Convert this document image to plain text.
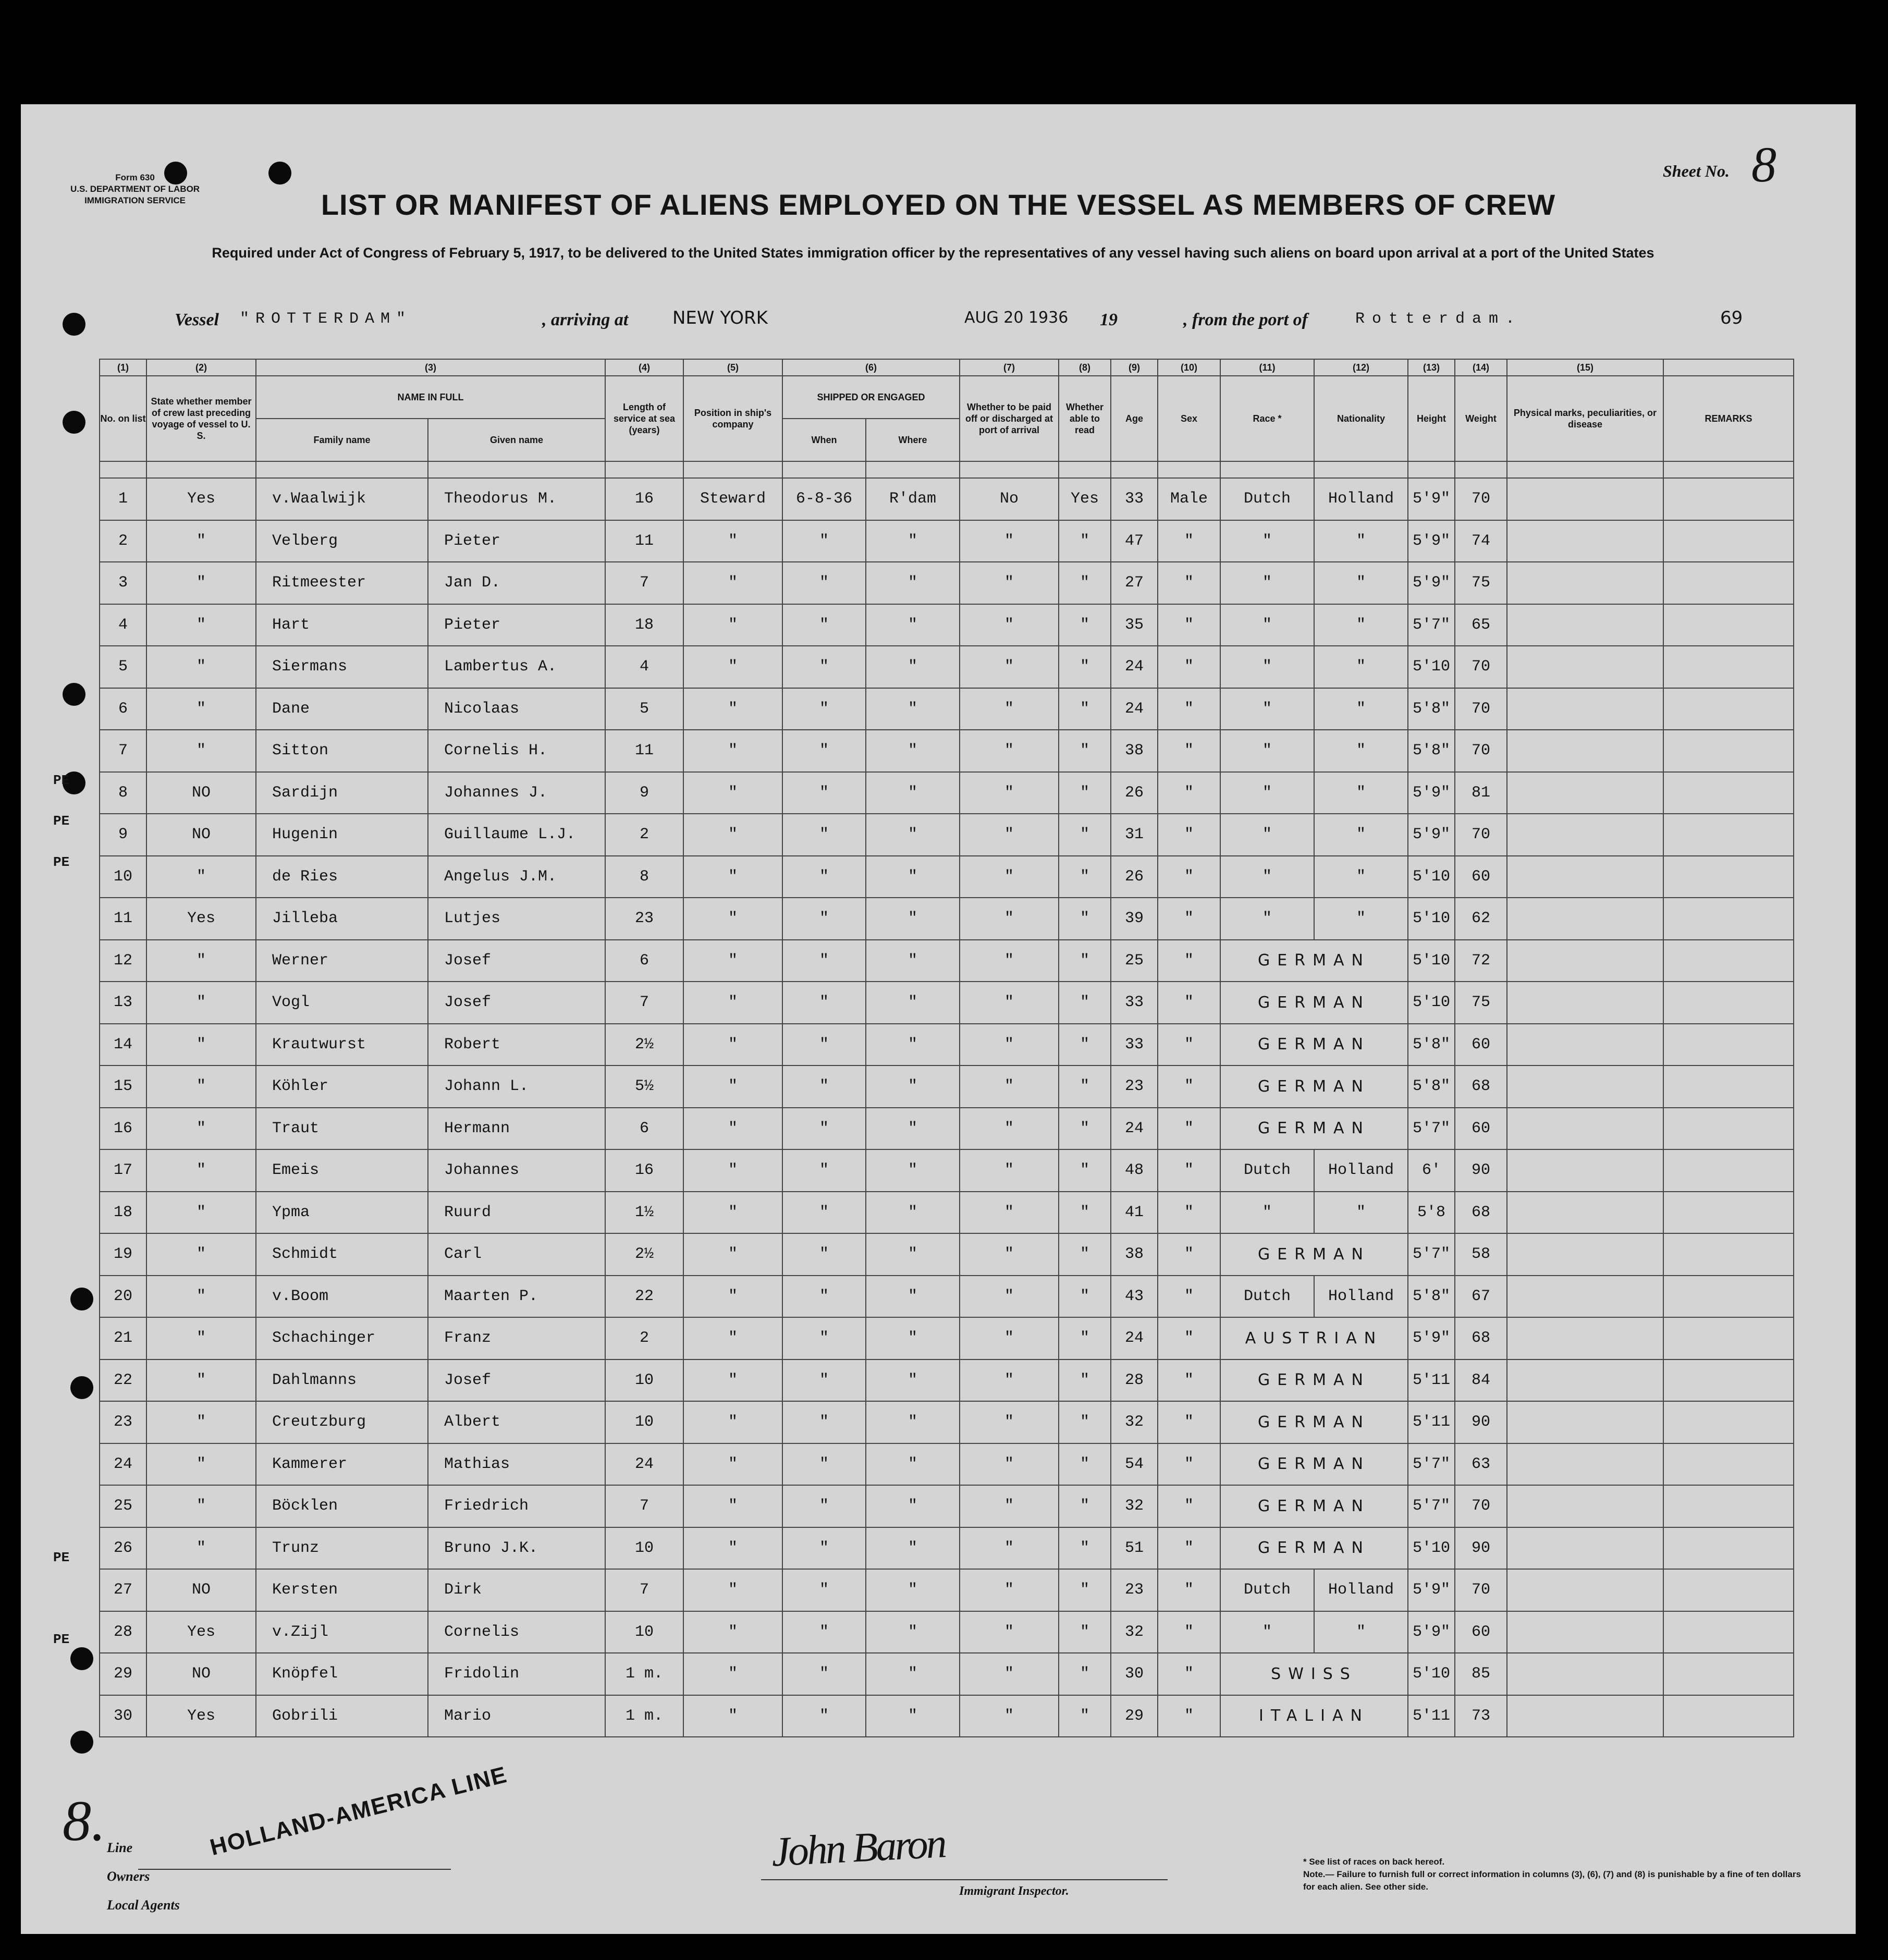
Form 630
U.S. DEPARTMENT OF LABOR
IMMIGRATION SERVICE
Sheet No. 8
LIST OR MANIFEST OF ALIENS EMPLOYED ON THE VESSEL AS MEMBERS OF CREW
Required under Act of Congress of February 5, 1917, to be delivered to the United States immigration officer by the representatives of any vessel having such aliens on board upon arrival at a port of the United States
Vessel "ROTTERDAM"	, arriving at NEW YORK	AUG 20 1936 19	, from the port of	Rotterdam.	69
(1)	(2)	(3)		(4)	(5)	(6)		(7)	(8)	(9)	(10)	(11)	(12)	(13)	(14)	(15)	
No. on list	State whether member of crew last preceding voyage of vessel to U. S.	NAME IN FULL		Length of service at sea (years)	Position in ship's company	SHIPPED OR ENGAGED		Whether to be paid off or discharged at port of arrival	Whether able to read	Age	Sex	Race *	Nationality	Height	Weight	Physical marks, peculiarities, or disease	REMARKS
		Family name	Given name			When	Where										

1	Yes	v.Waalwijk	Theodorus M.	16	Steward	6-8-36	R'dam	No	Yes	33	Male	Dutch	Holland	5'9"	70		
2	"	Velberg	Pieter	11	"	"	"	"	"	47	"	"	"	5'9"	74		
3	"	Ritmeester	Jan D.	7	"	"	"	"	"	27	"	"	"	5'9"	75		
4	"	Hart	Pieter	18	"	"	"	"	"	35	"	"	"	5'7"	65		
5	"	Siermans	Lambertus A.	4	"	"	"	"	"	24	"	"	"	5'10	70		
6	"	Dane	Nicolaas	5	"	"	"	"	"	24	"	"	"	5'8"	70		
7	"	Sitton	Cornelis H.	11	"	"	"	"	"	38	"	"	"	5'8"	70		
8	NO	Sardijn	Johannes J.	9	"	"	"	"	"	26	"	"	"	5'9"	81		
9	NO	Hugenin	Guillaume L.J.	2	"	"	"	"	"	31	"	"	"	5'9"	70		
10	"	de Ries	Angelus J.M.	8	"	"	"	"	"	26	"	"	"	5'10	60		
11	Yes	Jilleba	Lutjes	23	"	"	"	"	"	39	"	"	"	5'10	62		
12	"	Werner	Josef	6	"	"	"	"	"	25	"	GERMAN		5'10	72		
13	"	Vogl	Josef	7	"	"	"	"	"	33	"	GERMAN		5'10	75		
14	"	Krautwurst	Robert	2½	"	"	"	"	"	33	"	GERMAN		5'8"	60		
15	"	Köhler	Johann L.	5½	"	"	"	"	"	23	"	GERMAN		5'8"	68		
16	"	Traut	Hermann	6	"	"	"	"	"	24	"	GERMAN		5'7"	60		
17	"	Emeis	Johannes	16	"	"	"	"	"	48	"	Dutch	Holland	6'	90		
18	"	Ypma	Ruurd	1½	"	"	"	"	"	41	"	"	"	5'8	68		
19	"	Schmidt	Carl	2½	"	"	"	"	"	38	"	GERMAN		5'7"	58		
20	"	v.Boom	Maarten P.	22	"	"	"	"	"	43	"	Dutch	Holland	5'8"	67		
21	"	Schachinger	Franz	2	"	"	"	"	"	24	"	AUSTRIAN		5'9"	68		
22	"	Dahlmanns	Josef	10	"	"	"	"	"	28	"	GERMAN		5'11	84		
23	"	Creutzburg	Albert	10	"	"	"	"	"	32	"	GERMAN		5'11	90		
24	"	Kammerer	Mathias	24	"	"	"	"	"	54	"	GERMAN		5'7"	63		
25	"	Böcklen	Friedrich	7	"	"	"	"	"	32	"	GERMAN		5'7"	70		
26	"	Trunz	Bruno J.K.	10	"	"	"	"	"	51	"	GERMAN		5'10	90		
27	NO	Kersten	Dirk	7	"	"	"	"	"	23	"	Dutch	Holland	5'9"	70		
28	Yes	v.Zijl	Cornelis	10	"	"	"	"	"	32	"	"	"	5'9"	60		
29	NO	Knöpfel	Fridolin	1 m.	"	"	"	"	"	30	"	SWISS		5'10	85		
30	Yes	Gobrili	Mario	1 m.	"	"	"	"	"	29	"	ITALIAN		5'11	73		
PE
PE
PE
PE
PE
8. Line
Owners
Local Agents
HOLLAND-AMERICA LINE	John Baron
Immigrant Inspector.
* See list of races on back hereof.
Note.— Failure to furnish full or correct information in columns (3), (6), (7) and (8) is punishable by a fine of ten dollars for each alien. See other side.
